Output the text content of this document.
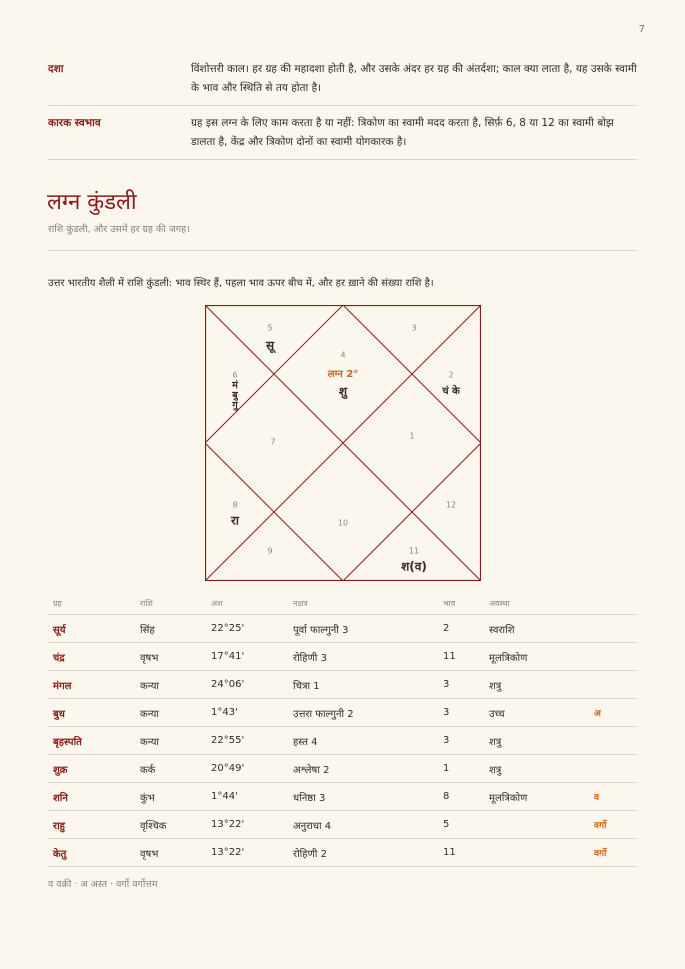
7
दशा	विंशोत्तरी काल। हर ग्रह की महादशा होती है, और उसके अंदर हर ग्रह की अंतर्दशा; काल क्या लाता है, यह उसके स्वामी के भाव और स्थिति से तय होता है।
कारक स्वभाव	ग्रह इस लग्न के लिए काम करता है या नहीं: त्रिकोण का स्वामी मदद करता है, सिर्फ़ 6, 8 या 12 का स्वामी बोझ डालता है, केंद्र और त्रिकोण दोनों का स्वामी योगकारक है।
लग्न कुंडली
राशि कुंडली, और उसमें हर ग्रह की जगह।
उत्तर भारतीय शैली में राशि कुंडली: भाव स्थिर हैं, पहला भाव ऊपर बीच में, और हर ख़ाने की संख्या राशि है।
4
लग्न 2°
शु
3
2
चं के
1
12
11
श(व)
10
9
8
रा
7
6
मं
बु
गु
5
सू
ग्रह	राशि	अंश	नक्षत्र	भाव	अवस्था	
सूर्य	सिंह	22°25'	पूर्वा फाल्गुनी 3	2	स्वराशि	
चंद्र	वृषभ	17°41'	रोहिणी 3	11	मूलत्रिकोण	
मंगल	कन्या	24°06'	चित्रा 1	3	शत्रु	
बुध	कन्या	1°43'	उत्तरा फाल्गुनी 2	3	उच्च	अ
बृहस्पति	कन्या	22°55'	हस्त 4	3	शत्रु	
शुक्र	कर्क	20°49'	अश्लेषा 2	1	शत्रु	
शनि	कुंभ	1°44'	धनिष्ठा 3	8	मूलत्रिकोण	व
राहु	वृश्चिक	13°22'	अनुराधा 4	5		वर्गो
केतु	वृषभ	13°22'	रोहिणी 2	11		वर्गो
व वक्री · अ अस्त · वर्गो वर्गोत्तम
